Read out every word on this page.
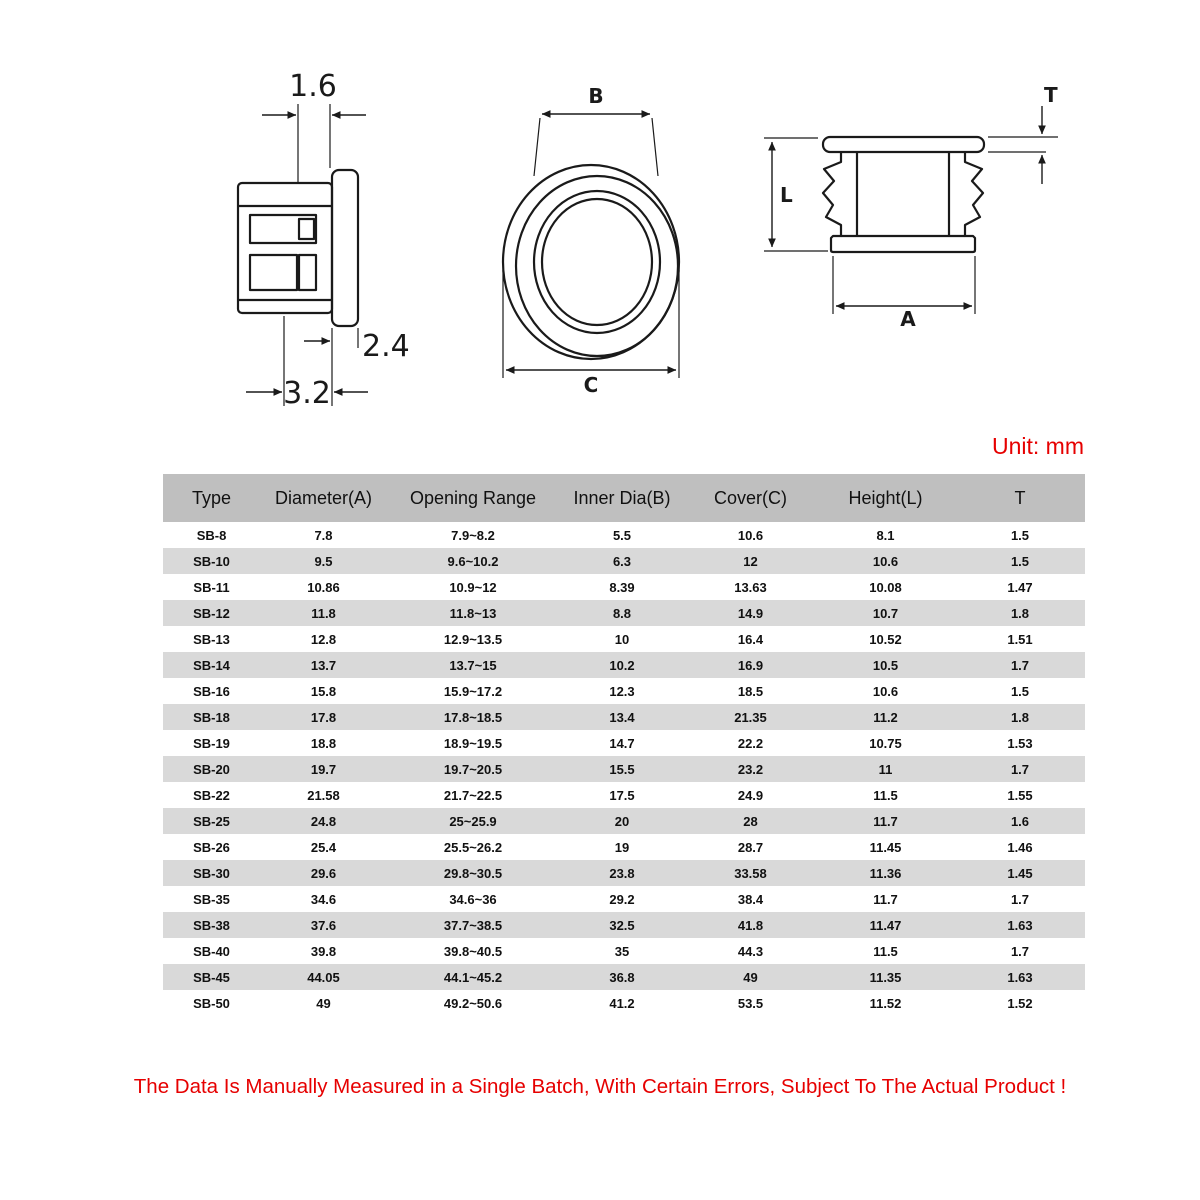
1.6
2.4
3.2
B
C
T
L
A
Unit: mm
Type	Diameter(A)	Opening Range	Inner Dia(B)	Cover(C)	Height(L)	T
SB-8	7.8	7.9~8.2	5.5	10.6	8.1	1.5
SB-10	9.5	9.6~10.2	6.3	12	10.6	1.5
SB-11	10.86	10.9~12	8.39	13.63	10.08	1.47
SB-12	11.8	11.8~13	8.8	14.9	10.7	1.8
SB-13	12.8	12.9~13.5	10	16.4	10.52	1.51
SB-14	13.7	13.7~15	10.2	16.9	10.5	1.7
SB-16	15.8	15.9~17.2	12.3	18.5	10.6	1.5
SB-18	17.8	17.8~18.5	13.4	21.35	11.2	1.8
SB-19	18.8	18.9~19.5	14.7	22.2	10.75	1.53
SB-20	19.7	19.7~20.5	15.5	23.2	11	1.7
SB-22	21.58	21.7~22.5	17.5	24.9	11.5	1.55
SB-25	24.8	25~25.9	20	28	11.7	1.6
SB-26	25.4	25.5~26.2	19	28.7	11.45	1.46
SB-30	29.6	29.8~30.5	23.8	33.58	11.36	1.45
SB-35	34.6	34.6~36	29.2	38.4	11.7	1.7
SB-38	37.6	37.7~38.5	32.5	41.8	11.47	1.63
SB-40	39.8	39.8~40.5	35	44.3	11.5	1.7
SB-45	44.05	44.1~45.2	36.8	49	11.35	1.63
SB-50	49	49.2~50.6	41.2	53.5	11.52	1.52
The Data Is Manually Measured in a Single Batch, With Certain Errors, Subject To The Actual Product !
